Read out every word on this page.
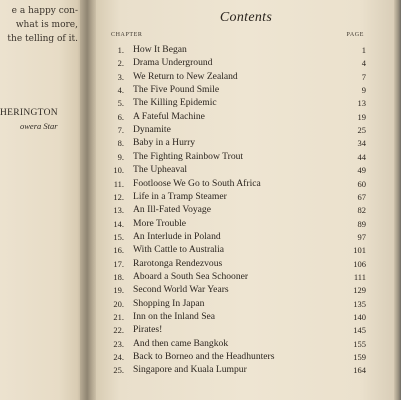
e a happy con-
what is more,
the telling of it.
HERINGTON
owera Star
Contents
CHAPTER	PAGE
1. How It Began	1
2. Drama Underground	4
3. We Return to New Zealand	7
4. The Five Pound Smile	9
5. The Killing Epidemic	13
6. A Fateful Machine	19
7. Dynamite	25
8. Baby in a Hurry	34
9. The Fighting Rainbow Trout	44
10. The Upheaval	49
11. Footloose We Go to South Africa	60
12. Life in a Tramp Steamer	67
13. An Ill-Fated Voyage	82
14. More Trouble	89
15. An Interlude in Poland	97
16. With Cattle to Australia	101
17. Rarotonga Rendezvous	106
18. Aboard a South Sea Schooner	111
19. Second World War Years	129
20. Shopping In Japan	135
21. Inn on the Inland Sea	140
22. Pirates!	145
23. And then came Bangkok	155
24. Back to Borneo and the Headhunters	159
25. Singapore and Kuala Lumpur	164
